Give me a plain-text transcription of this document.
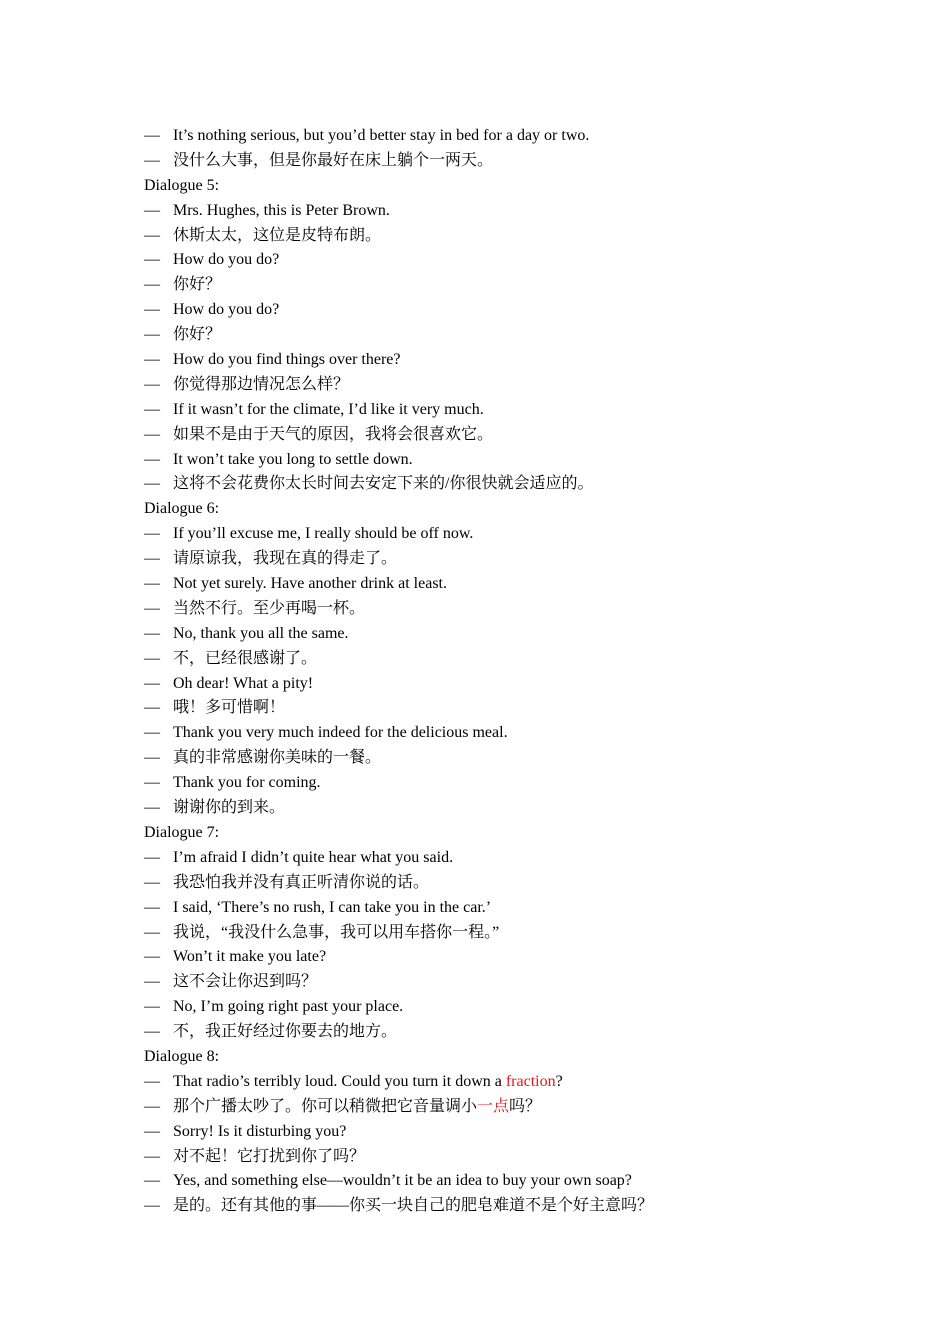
— It’s nothing serious, but you’d better stay in bed for a day or two.
— 没什么大事，但是你最好在床上躺个一两天。
Dialogue 5:
— Mrs. Hughes, this is Peter Brown.
— 休斯太太，这位是皮特布朗。
— How do you do?
— 你好？
— How do you do?
— 你好？
— How do you find things over there?
— 你觉得那边情况怎么样？
— If it wasn’t for the climate, I’d like it very much.
— 如果不是由于天气的原因，我将会很喜欢它。
— It won’t take you long to settle down.
— 这将不会花费你太长时间去安定下来的/你很快就会适应的。
Dialogue 6:
— If you’ll excuse me, I really should be off now.
— 请原谅我，我现在真的得走了。
— Not yet surely. Have another drink at least.
— 当然不行。至少再喝一杯。
— No, thank you all the same.
— 不，已经很感谢了。
— Oh dear! What a pity!
— 哦！多可惜啊！
— Thank you very much indeed for the delicious meal.
— 真的非常感谢你美味的一餐。
— Thank you for coming.
— 谢谢你的到来。
Dialogue 7:
— I’m afraid I didn’t quite hear what you said.
— 我恐怕我并没有真正听清你说的话。
— I said, ‘There’s no rush, I can take you in the car.’
— 我说，“我没什么急事，我可以用车搭你一程。”
— Won’t it make you late?
— 这不会让你迟到吗？
— No, I’m going right past your place.
— 不，我正好经过你要去的地方。
Dialogue 8:
— That radio’s terribly loud. Could you turn it down a fraction?
— 那个广播太吵了。你可以稍微把它音量调小一点吗？
— Sorry! Is it disturbing you?
— 对不起！它打扰到你了吗？
— Yes, and something else—wouldn’t it be an idea to buy your own soap?
— 是的。还有其他的事——你买一块自己的肥皂难道不是个好主意吗？
